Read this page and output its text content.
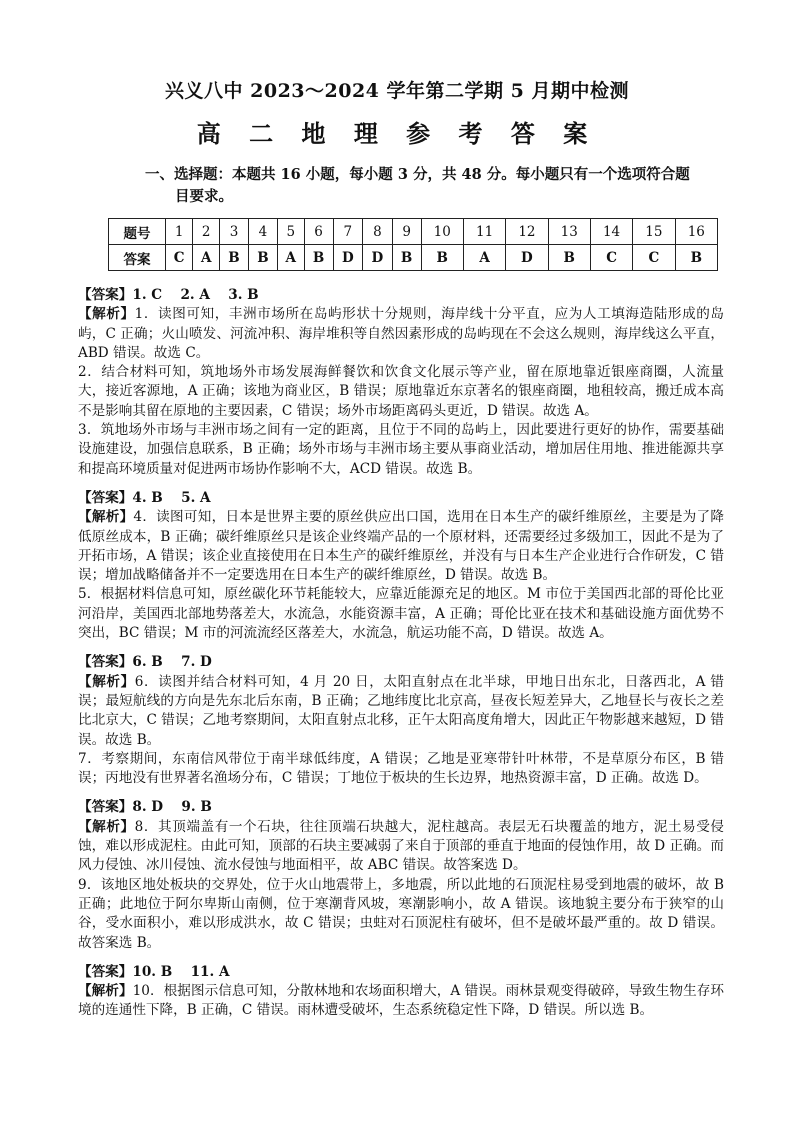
兴义八中 2023～2024 学年第二学期 5 月期中检测
高 二 地 理 参 考 答 案
一、选择题：本题共 16 小题，每小题 3 分，共 48 分。每小题只有一个选项符合题
目要求。
题号	1	2	3	4	5	6	7	8	9	10	11	12	13	14	15	16
答案	C	A	B	B	A	B	D	D	B	B	A	D	B	C	C	B

【答案】1. C　 2. A　 3. B

【解析】1．读图可知，丰洲市场所在岛屿形状十分规则，海岸线十分平直，应为人工填海造陆形成的岛屿，C 正确；火山喷发、河流冲积、海岸堆积等自然因素形成的岛屿现在不会这么规则，海岸线这么平直，ABD 错误。故选 C。

2．结合材料可知，筑地场外市场发展海鲜餐饮和饮食文化展示等产业，留在原地靠近银座商圈，人流量大，接近客源地，A 正确；该地为商业区，B 错误；原地靠近东京著名的银座商圈，地租较高，搬迁成本高不是影响其留在原地的主要因素，C 错误；场外市场距离码头更近，D 错误。故选 A。

3．筑地场外市场与丰洲市场之间有一定的距离，且位于不同的岛屿上，因此要进行更好的协作，需要基础设施建设，加强信息联系，B 正确；场外市场与丰洲市场主要从事商业活动，增加居住用地、推进能源共享和提高环境质量对促进两市场协作影响不大，ACD 错误。故选 B。

【答案】4. B　 5. A

【解析】4．读图可知，日本是世界主要的原丝供应出口国，选用在日本生产的碳纤维原丝，主要是为了降低原丝成本，B 正确；碳纤维原丝只是该企业终端产品的一个原材料，还需要经过多级加工，因此不是为了开拓市场，A 错误；该企业直接使用在日本生产的碳纤维原丝，并没有与日本生产企业进行合作研发，C 错误；增加战略储备并不一定要选用在日本生产的碳纤维原丝，D 错误。故选 B。

5．根据材料信息可知，原丝碳化环节耗能较大，应靠近能源充足的地区。M 市位于美国西北部的哥伦比亚河沿岸，美国西北部地势落差大，水流急，水能资源丰富，A 正确；哥伦比亚在技术和基础设施方面优势不突出，BC 错误；M 市的河流流经区落差大，水流急，航运功能不高，D 错误。故选 A。

【答案】6. B　 7. D

【解析】6．读图并结合材料可知，4 月 20 日，太阳直射点在北半球，甲地日出东北，日落西北，A 错误；最短航线的方向是先东北后东南，B 正确；乙地纬度比北京高，昼夜长短差异大，乙地昼长与夜长之差比北京大，C 错误；乙地考察期间，太阳直射点北移，正午太阳高度角增大，因此正午物影越来越短，D 错误。故选 B。

7．考察期间，东南信风带位于南半球低纬度，A 错误；乙地是亚寒带针叶林带，不是草原分布区，B 错误；丙地没有世界著名渔场分布，C 错误；丁地位于板块的生长边界，地热资源丰富，D 正确。故选 D。

【答案】8. D　 9. B

【解析】8．其顶端盖有一个石块，往往顶端石块越大，泥柱越高。表层无石块覆盖的地方，泥土易受侵蚀，难以形成泥柱。由此可知，顶部的石块主要减弱了来自于顶部的垂直于地面的侵蚀作用，故 D 正确。而风力侵蚀、冰川侵蚀、流水侵蚀与地面相平，故 ABC 错误。故答案选 D。

9．该地区地处板块的交界处，位于火山地震带上，多地震，所以此地的石顶泥柱易受到地震的破坏，故 B 正确；此地位于阿尔卑斯山南侧，位于寒潮背风坡，寒潮影响小，故 A 错误。该地貌主要分布于狭窄的山谷，受水面积小，难以形成洪水，故 C 错误；虫蛀对石顶泥柱有破坏，但不是破坏最严重的。故 D 错误。故答案选 B。

【答案】10. B　 11. A

【解析】10．根据图示信息可知，分散林地和农场面积增大，A 错误。雨林景观变得破碎，导致生物生存环境的连通性下降，B 正确，C 错误。雨林遭受破坏，生态系统稳定性下降，D 错误。所以选 B。
